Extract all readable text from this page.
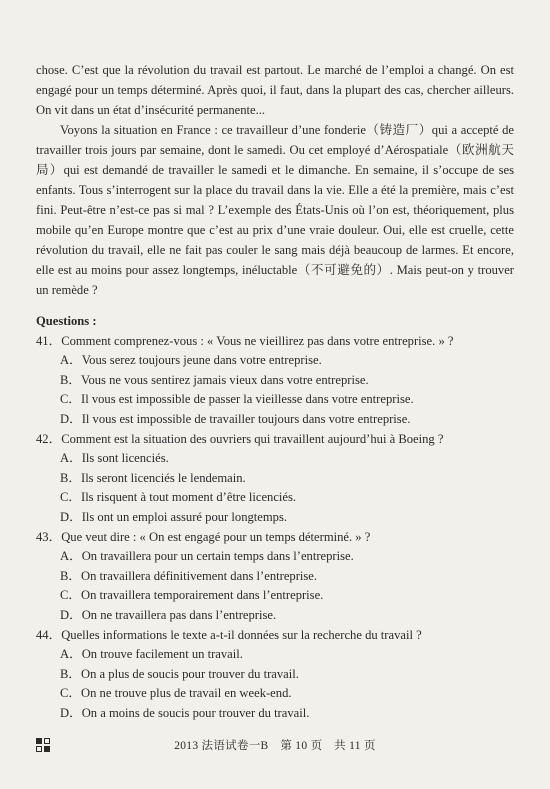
chose. C’est que la révolution du travail est partout. Le marché de l’emploi a changé. On est engagé pour un temps déterminé. Après quoi, il faut, dans la plupart des cas, chercher ailleurs. On vit dans un état d’insécurité permanente...

Voyons la situation en France : ce travailleur d’une fonderie（铸造厂）qui a accepté de travailler trois jours par semaine, dont le samedi. Ou cet employé d’Aérospatiale（欧洲航天局）qui est demandé de travailler le samedi et le dimanche. En semaine, il s’occupe de ses enfants. Tous s’interrogent sur la place du travail dans la vie. Elle a été la première, mais c’est fini. Peut-être n’est-ce pas si mal ? L’exemple des États-Unis où l’on est, théoriquement, plus mobile qu’en Europe montre que c’est au prix d’une vraie douleur. Oui, elle est cruelle, cette révolution du travail, elle ne fait pas couler le sang mais déjà beaucoup de larmes. Et encore, elle est au moins pour assez longtemps, inéluctable（不可避免的）. Mais peut-on y trouver un remède ?

Questions :

41．Comment comprenez-vous : « Vous ne vieillirez pas dans votre entreprise. » ?
A．Vous serez toujours jeune dans votre entreprise.
B．Vous ne vous sentirez jamais vieux dans votre entreprise.
C．Il vous est impossible de passer la vieillesse dans votre entreprise.
D．Il vous est impossible de travailler toujours dans votre entreprise.
42．Comment est la situation des ouvriers qui travaillent aujourd’hui à Boeing ?
A．Ils sont licenciés.
B．Ils seront licenciés le lendemain.
C．Ils risquent à tout moment d’être licenciés.
D．Ils ont un emploi assuré pour longtemps.
43．Que veut dire : « On est engagé pour un temps déterminé. » ?
A．On travaillera pour un certain temps dans l’entreprise.
B．On travaillera définitivement dans l’entreprise.
C．On travaillera temporairement dans l’entreprise.
D．On ne travaillera pas dans l’entreprise.
44．Quelles informations le texte a-t-il données sur la recherche du travail ?
A．On trouve facilement un travail.
B．On a plus de soucis pour trouver du travail.
C．On ne trouve plus de travail en week-end.
D．On a moins de soucis pour trouver du travail.
2013 法语试卷一B　第 10 页　共 11 页
